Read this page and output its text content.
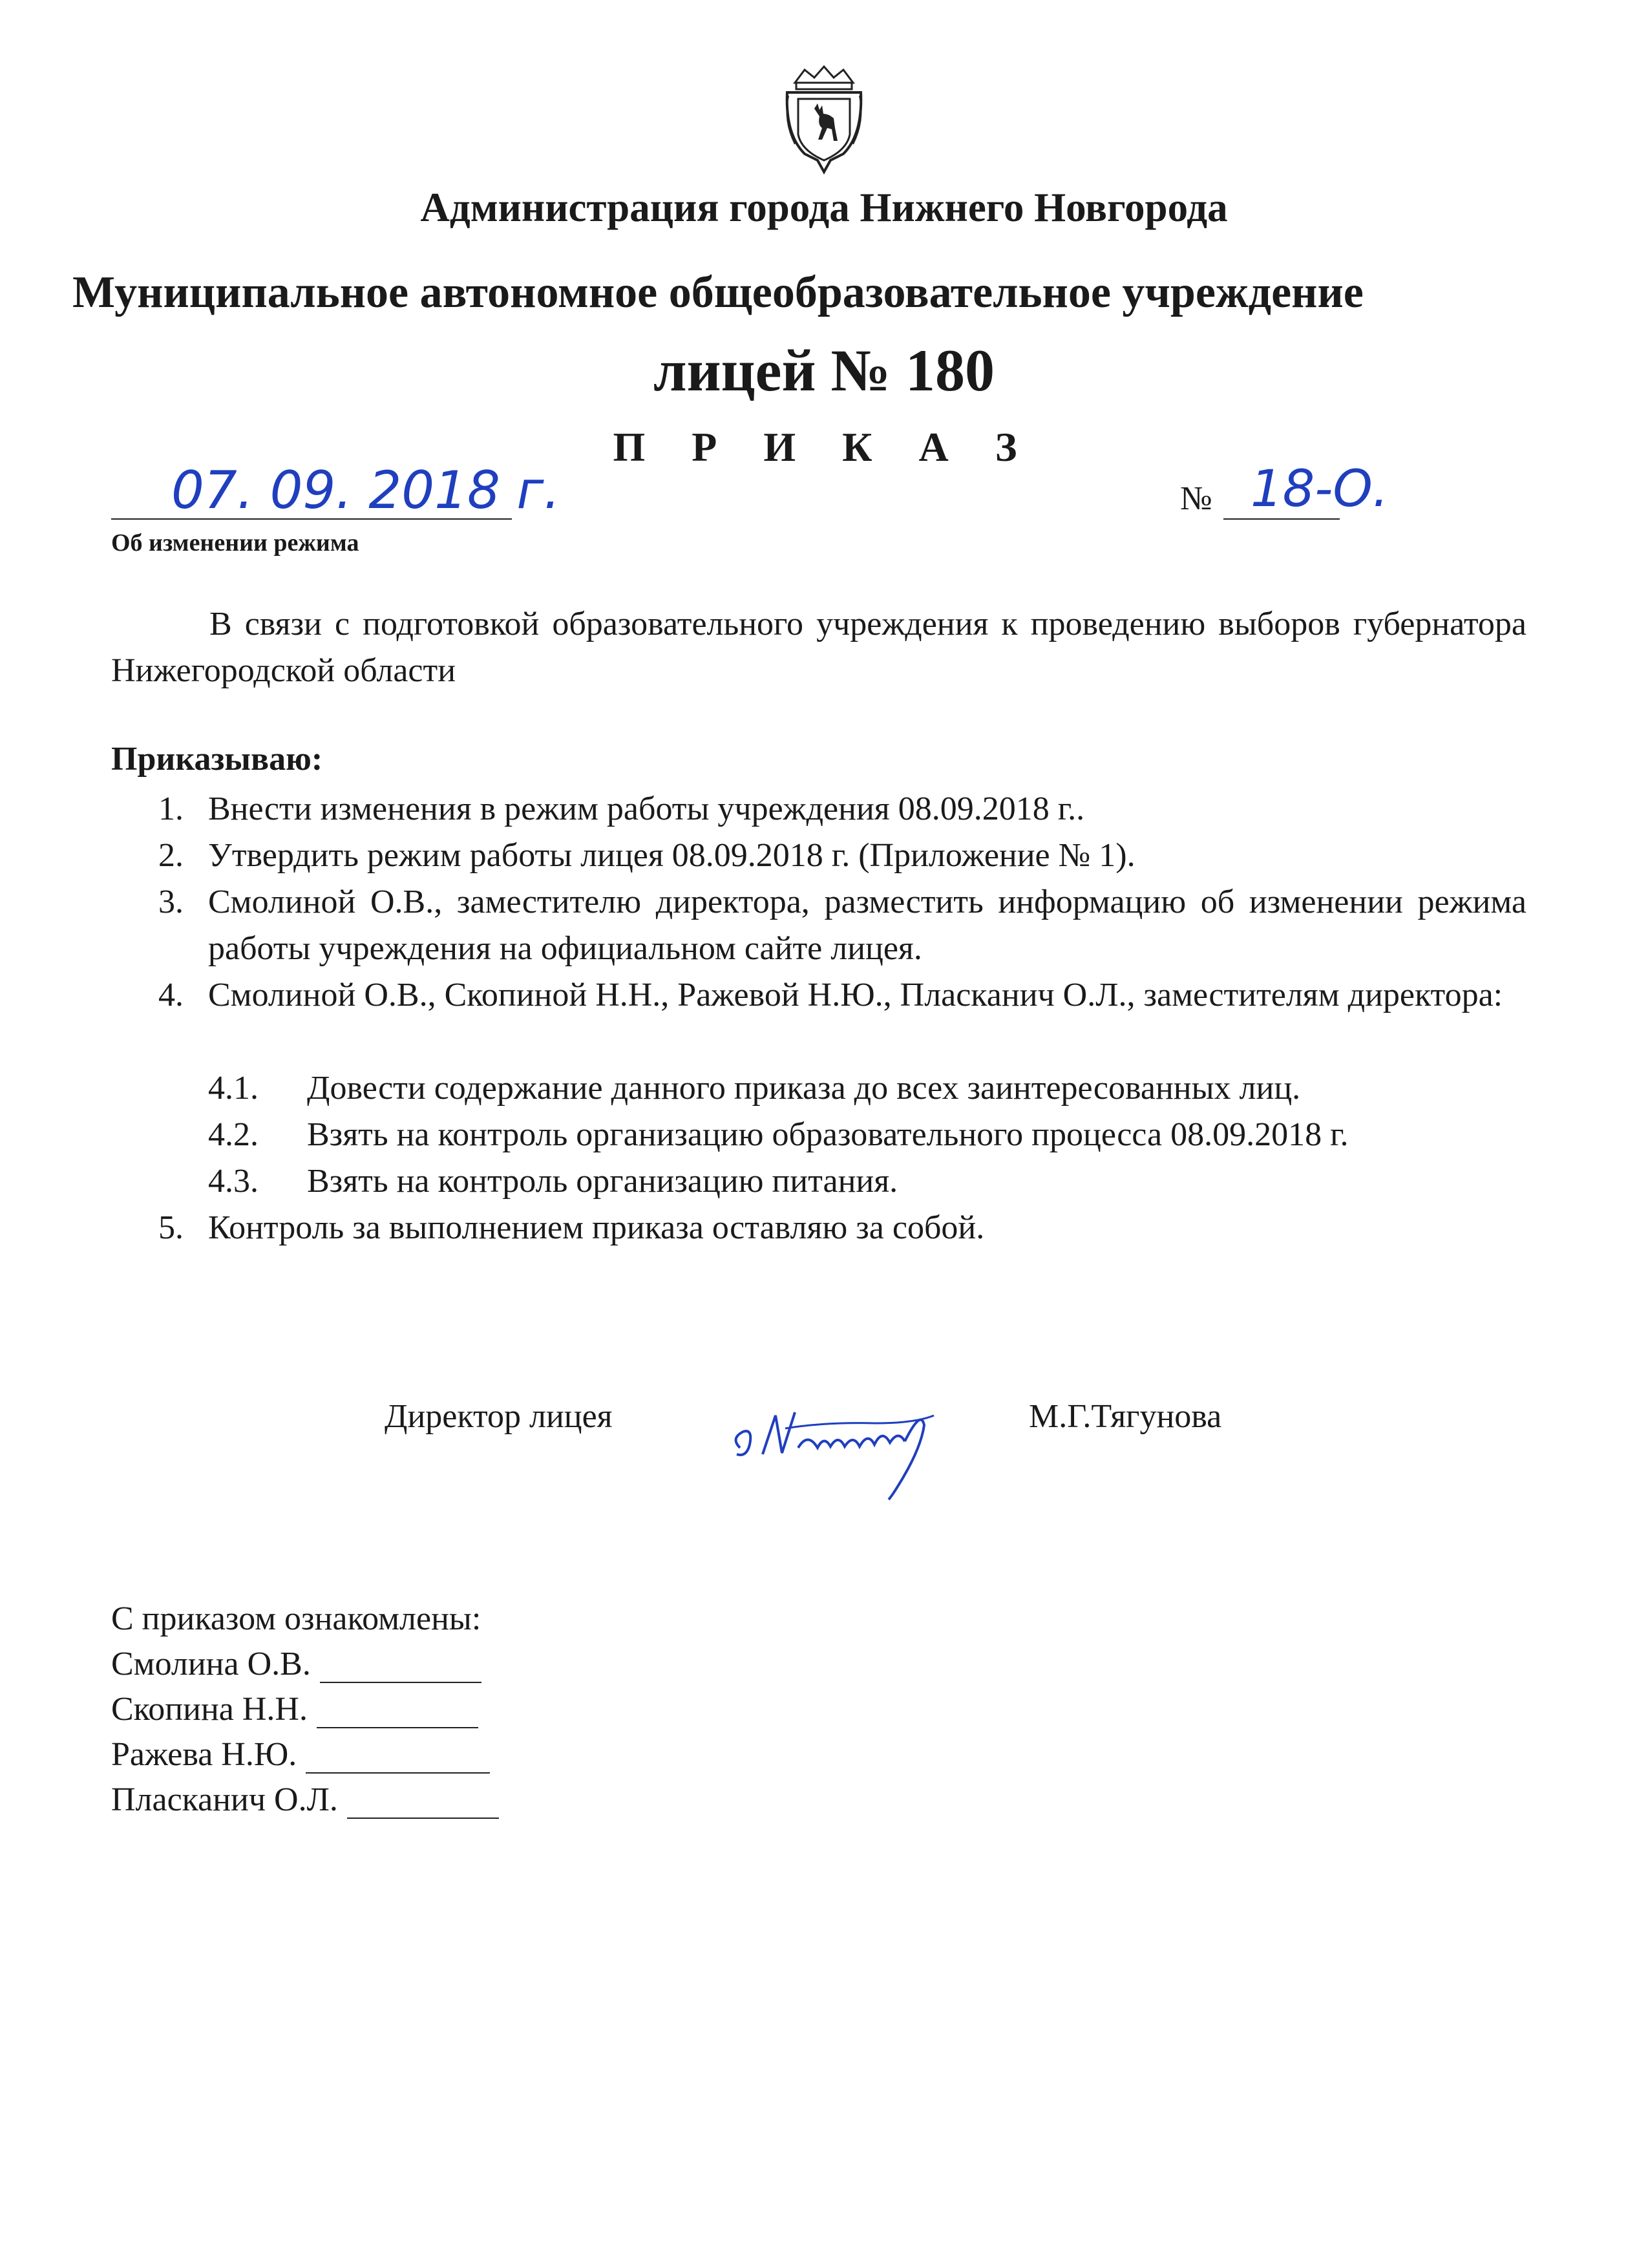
Администрация города Нижнего Новгорода
Муниципальное автономное общеобразовательное учреждение
лицей № 180
П Р И К А З
07. 09. 2018 г.	№ 18-О.
Об изменении режима
В связи с подготовкой образовательного учреждения к проведению выборов губернатора Нижегородской области
Приказываю:
1. Внести изменения в режим работы учреждения 08.09.2018 г..
2. Утвердить режим работы лицея 08.09.2018 г. (Приложение № 1).
3. Смолиной О.В., заместителю директора, разместить информацию об изменении режима работы учреждения на официальном сайте лицея.
4. Смолиной О.В., Скопиной Н.Н., Ражевой Н.Ю., Пласканич О.Л., заместителям директора:
4.1. Довести содержание данного приказа до всех заинтересованных лиц.
4.2. Взять на контроль организацию образовательного процесса 08.09.2018 г.
4.3. Взять на контроль организацию питания.
5. Контроль за выполнением приказа оставляю за собой.
Директор лицея	М.Г.Тягунова
С приказом ознакомлены:
Смолина О.В.
Скопина Н.Н.
Ражева Н.Ю.
Пласканич О.Л.
